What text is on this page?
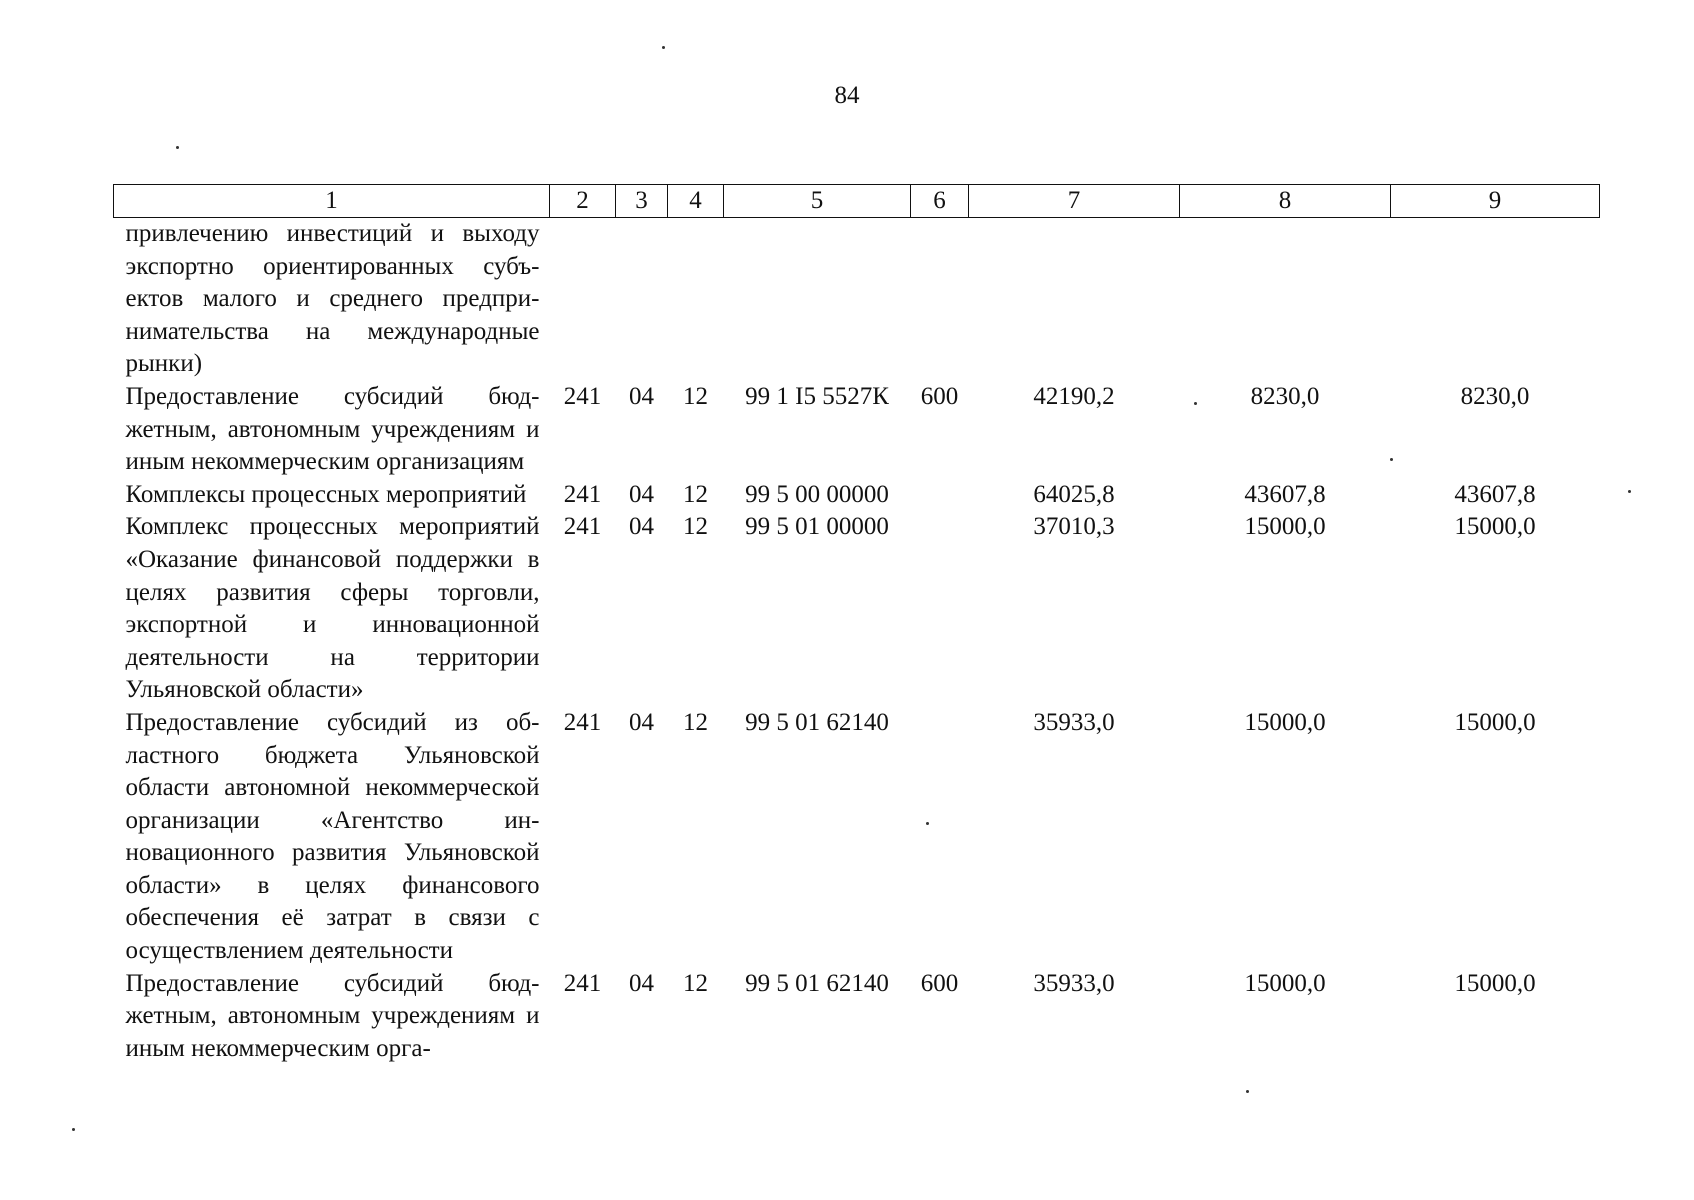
84
1	2	3	4	5	6	7	8	9
привлечению инвестиций и выходу экспортно ориентированных субъектов малого и среднего предпринимательства на международные рынки)								
Предоставление субсидий бюджетным, автономным учреждениям и иным некоммерческим организациям	241	04	12	99 1 I5 5527К	600	42190,2	8230,0	8230,0
Комплексы процессных мероприятий	241	04	12	99 5 00 00000		64025,8	43607,8	43607,8
Комплекс процессных мероприятий «Оказание финансовой поддержки в целях развития сферы торговли, экспортной и инновационной деятельности на территории Ульяновской области»	241	04	12	99 5 01 00000		37010,3	15000,0	15000,0
Предоставление субсидий из областного бюджета Ульяновской области автономной некоммерческой организации «Агентство инновационного развития Ульяновской области» в целях финансового обеспечения её затрат в связи с осуществлением деятельности	241	04	12	99 5 01 62140		35933,0	15000,0	15000,0
Предоставление субсидий бюджетным, автономным учреждениям и иным некоммерческим орга-	241	04	12	99 5 01 62140	600	35933,0	15000,0	15000,0
